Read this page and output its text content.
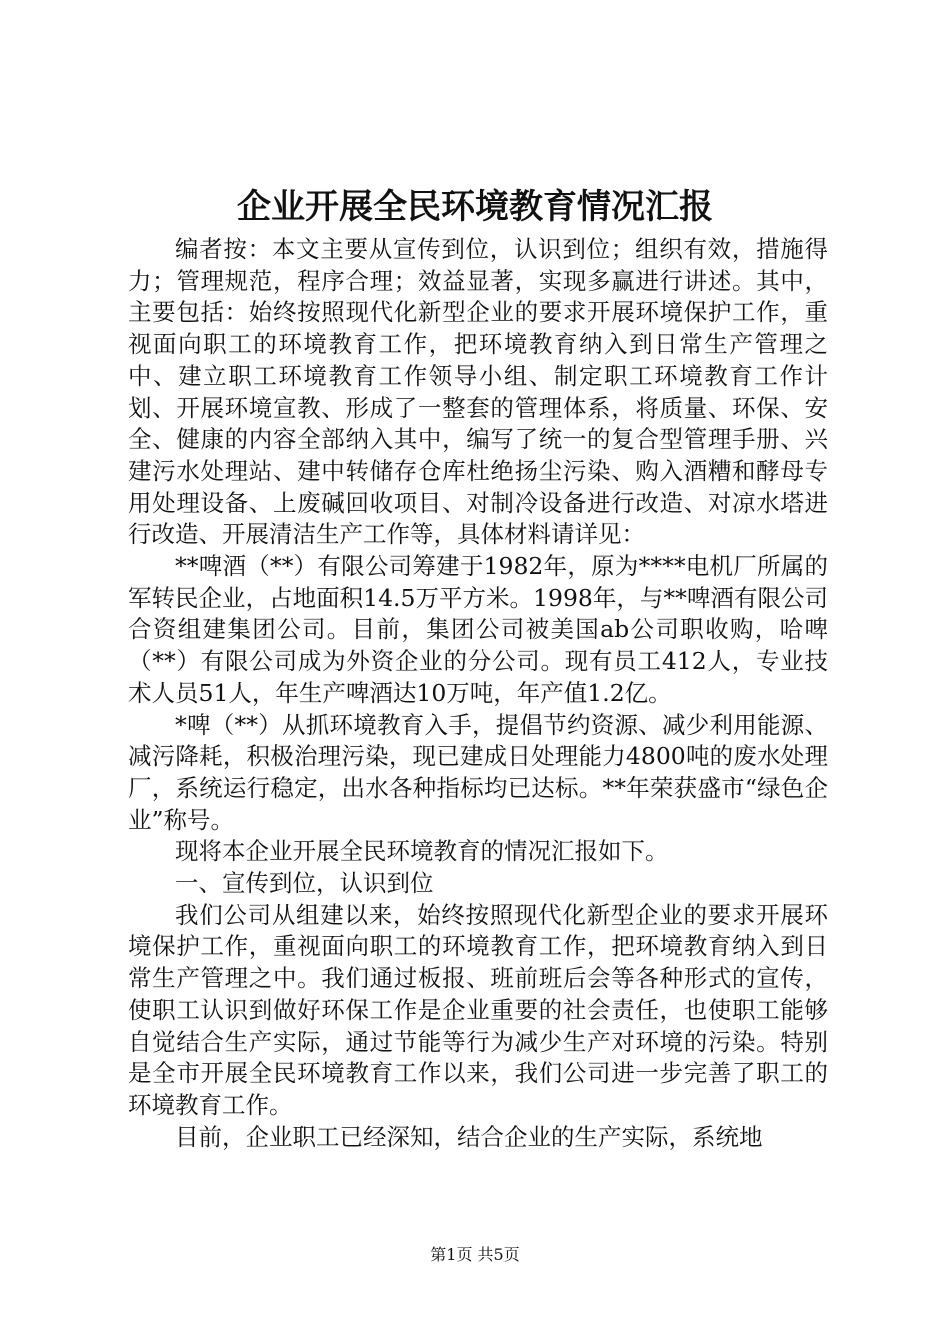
企业开展全民环境教育情况汇报

编者按：本文主要从宣传到位，认识到位；组织有效，措施得力；管理规范，程序合理；效益显著，实现多赢进行讲述。其中，主要包括：始终按照现代化新型企业的要求开展环境保护工作，重视面向职工的环境教育工作，把环境教育纳入到日常生产管理之中、建立职工环境教育工作领导小组、制定职工环境教育工作计划、开展环境宣教、形成了一整套的管理体系，将质量、环保、安全、健康的内容全部纳入其中，编写了统一的复合型管理手册、兴建污水处理站、建中转储存仓库杜绝扬尘污染、购入酒糟和酵母专用处理设备、上废碱回收项目、对制冷设备进行改造、对凉水塔进行改造、开展清洁生产工作等，具体材料请详见：

**啤酒（**）有限公司筹建于1982年，原为****电机厂所属的军转民企业，占地面积14.5万平方米。1998年，与**啤酒有限公司合资组建集团公司。目前，集团公司被美国ab公司职收购，哈啤（**）有限公司成为外资企业的分公司。现有员工412人，专业技术人员51人，年生产啤酒达10万吨，年产值1.2亿。

*啤（**）从抓环境教育入手，提倡节约资源、减少利用能源、减污降耗，积极治理污染，现已建成日处理能力4800吨的废水处理厂，系统运行稳定，出水各种指标均已达标。**年荣获盛市“绿色企业”称号。

现将本企业开展全民环境教育的情况汇报如下。

一、宣传到位，认识到位

我们公司从组建以来，始终按照现代化新型企业的要求开展环境保护工作，重视面向职工的环境教育工作，把环境教育纳入到日常生产管理之中。我们通过板报、班前班后会等各种形式的宣传，使职工认识到做好环保工作是企业重要的社会责任，也使职工能够自觉结合生产实际，通过节能等行为减少生产对环境的污染。特别是全市开展全民环境教育工作以来，我们公司进一步完善了职工的环境教育工作。

目前，企业职工已经深知，结合企业的生产实际，系统地

第1页 共5页
